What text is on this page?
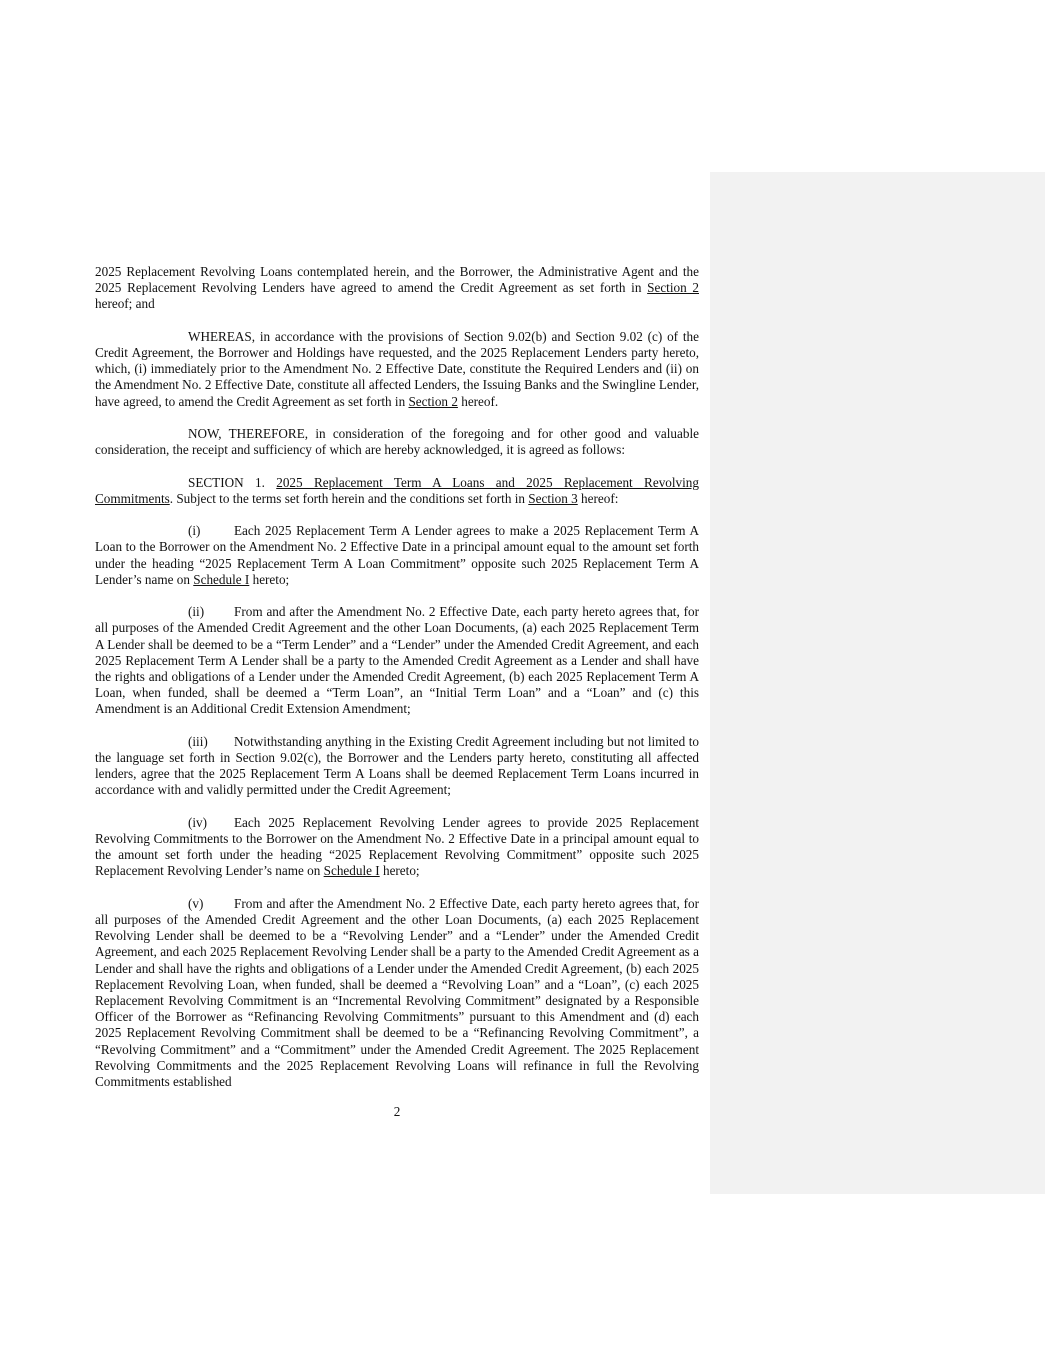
2025 Replacement Revolving Loans contemplated herein, and the Borrower, the Administrative Agent and the 2025 Replacement Revolving Lenders have agreed to amend the Credit Agreement as set forth in Section 2 hereof; and

WHEREAS, in accordance with the provisions of Section 9.02(b) and Section 9.02 (c) of the Credit Agreement, the Borrower and Holdings have requested, and the 2025 Replacement Lenders party hereto, which, (i) immediately prior to the Amendment No. 2 Effective Date, constitute the Required Lenders and (ii) on the Amendment No. 2 Effective Date, constitute all affected Lenders, the Issuing Banks and the Swingline Lender, have agreed, to amend the Credit Agreement as set forth in Section 2 hereof.

NOW, THEREFORE, in consideration of the foregoing and for other good and valuable consideration, the receipt and sufficiency of which are hereby acknowledged, it is agreed as follows:

SECTION 1. 2025 Replacement Term A Loans and 2025 Replacement Revolving Commitments. Subject to the terms set forth herein and the conditions set forth in Section 3 hereof:

(i)	Each 2025 Replacement Term A Lender agrees to make a 2025 Replacement Term A Loan to the Borrower on the Amendment No. 2 Effective Date in a principal amount equal to the amount set forth under the heading “2025 Replacement Term A Loan Commitment” opposite such 2025 Replacement Term A Lender’s name on Schedule I hereto;

(ii) From and after the Amendment No. 2 Effective Date, each party hereto agrees that, for all purposes of the Amended Credit Agreement and the other Loan Documents, (a) each 2025 Replacement Term A Lender shall be deemed to be a “Term Lender” and a “Lender” under the Amended Credit Agreement, and each 2025 Replacement Term A Lender shall be a party to the Amended Credit Agreement as a Lender and shall have the rights and obligations of a Lender under the Amended Credit Agreement, (b) each 2025 Replacement Term A Loan, when funded, shall be deemed a “Term Loan”, an “Initial Term Loan” and a “Loan” and (c) this Amendment is an Additional Credit Extension Amendment;

(iii) Notwithstanding anything in the Existing Credit Agreement including but not limited to the language set forth in Section 9.02(c), the Borrower and the Lenders party hereto, constituting all affected lenders, agree that the 2025 Replacement Term A Loans shall be deemed Replacement Term Loans incurred in accordance with and validly permitted under the Credit Agreement;

(iv) Each 2025 Replacement Revolving Lender agrees to provide 2025 Replacement Revolving Commitments to the Borrower on the Amendment No. 2 Effective Date in a principal amount equal to the amount set forth under the heading “2025 Replacement Revolving Commitment” opposite such 2025 Replacement Revolving Lender’s name on Schedule I hereto;

(v) From and after the Amendment No. 2 Effective Date, each party hereto agrees that, for all purposes of the Amended Credit Agreement and the other Loan Documents, (a) each 2025 Replacement Revolving Lender shall be deemed to be a “Revolving Lender” and a “Lender” under the Amended Credit Agreement, and each 2025 Replacement Revolving Lender shall be a party to the Amended Credit Agreement as a Lender and shall have the rights and obligations of a Lender under the Amended Credit Agreement, (b) each 2025 Replacement Revolving Loan, when funded, shall be deemed a “Revolving Loan” and a “Loan”, (c) each 2025 Replacement Revolving Commitment is an “Incremental Revolving Commitment” designated by a Responsible Officer of the Borrower as “Refinancing Revolving Commitments” pursuant to this Amendment and (d) each 2025 Replacement Revolving Commitment shall be deemed to be a “Refinancing Revolving Commitment”, a “Revolving Commitment” and a “Commitment” under the Amended Credit Agreement. The 2025 Replacement Revolving Commitments and the 2025 Replacement Revolving Loans will refinance in full the Revolving Commitments established

2
